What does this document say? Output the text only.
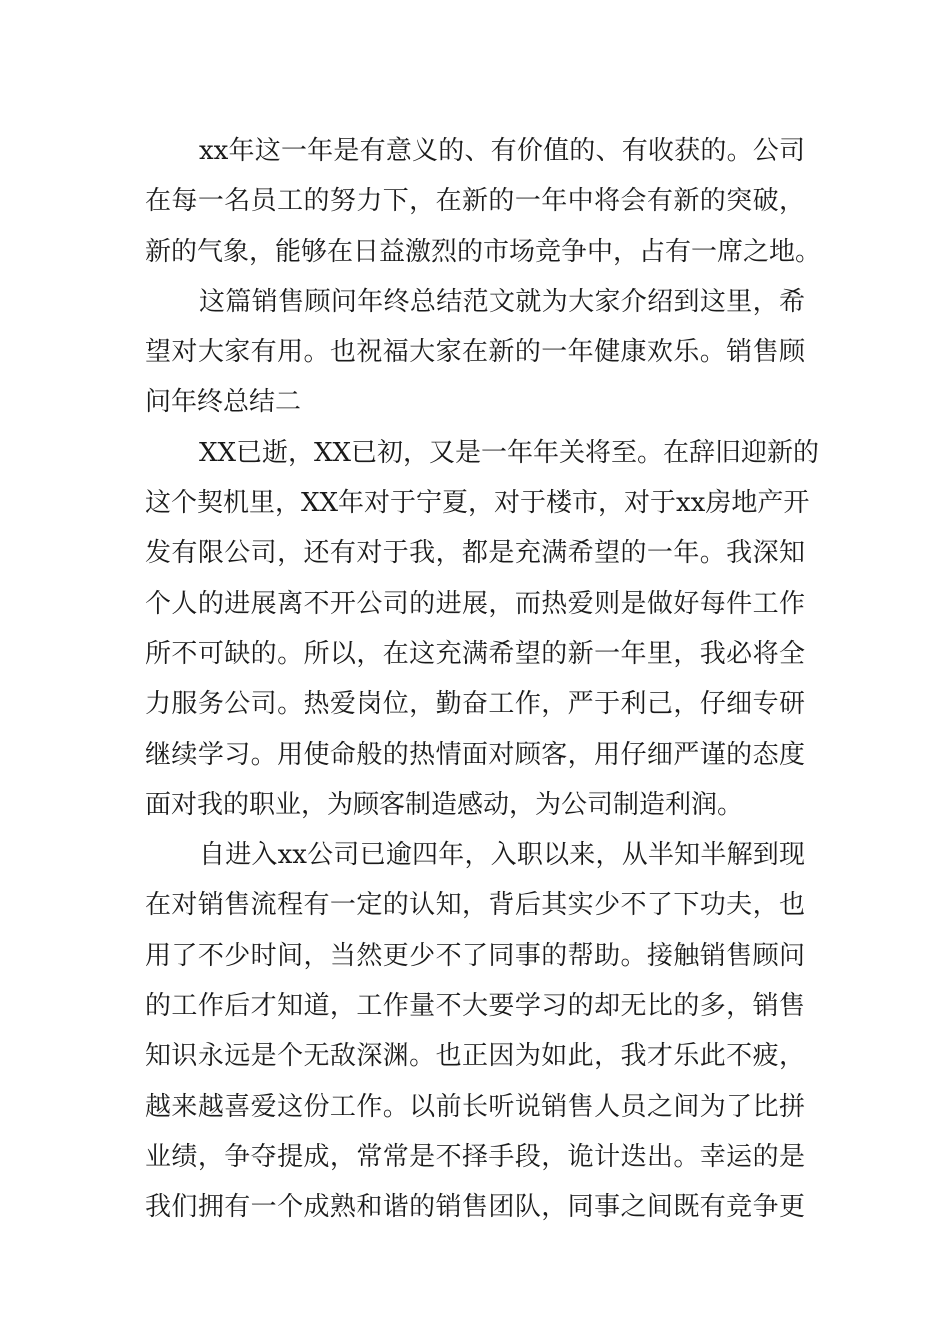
xx年这一年是有意义的、有价值的、有收获的。公司
在每一名员工的努力下，在新的一年中将会有新的突破，
新的气象，能够在日益激烈的市场竞争中，占有一席之地。
这篇销售顾问年终总结范文就为大家介绍到这里，希
望对大家有用。也祝福大家在新的一年健康欢乐。销售顾
问年终总结二
XX已逝，XX已初，又是一年年关将至。在辞旧迎新的
这个契机里，XX年对于宁夏，对于楼市，对于xx房地产开
发有限公司，还有对于我，都是充满希望的一年。我深知
个人的进展离不开公司的进展，而热爱则是做好每件工作
所不可缺的。所以，在这充满希望的新一年里，我必将全
力服务公司。热爱岗位，勤奋工作，严于利己，仔细专研
继续学习。用使命般的热情面对顾客，用仔细严谨的态度
面对我的职业，为顾客制造感动，为公司制造利润。
自进入xx公司已逾四年，入职以来，从半知半解到现
在对销售流程有一定的认知，背后其实少不了下功夫，也
用了不少时间，当然更少不了同事的帮助。接触销售顾问
的工作后才知道，工作量不大要学习的却无比的多，销售
知识永远是个无敌深渊。也正因为如此，我才乐此不疲，
越来越喜爱这份工作。以前长听说销售人员之间为了比拼
业绩，争夺提成，常常是不择手段，诡计迭出。幸运的是
我们拥有一个成熟和谐的销售团队，同事之间既有竞争更
